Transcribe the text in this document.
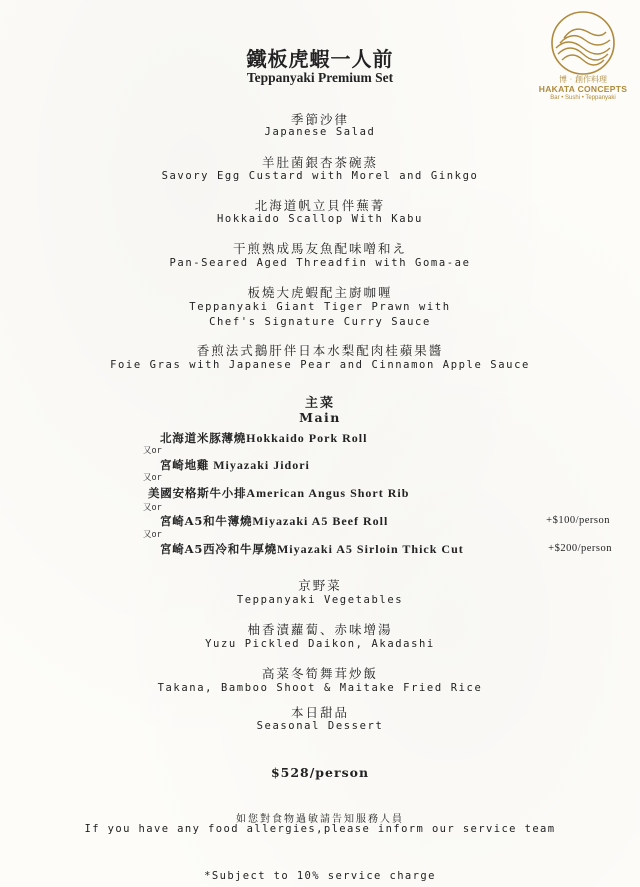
博‧創作料理
HAKATA CONCEPTS
Bar • Sushi • Teppanyaki
鐵板虎蝦一人前
Teppanyaki Premium Set
季節沙律
Japanese Salad
羊肚菌銀杏茶碗蒸
Savory Egg Custard with Morel and Ginkgo
北海道帆立貝伴蕪菁
Hokkaido Scallop With Kabu
干煎熟成馬友魚配味噌和え
Pan-Seared Aged Threadfin with Goma-ae
板燒大虎蝦配主廚咖喱
Teppanyaki Giant Tiger Prawn with
Chef's Signature Curry Sauce
香煎法式鵝肝伴日本水梨配肉桂蘋果醬
Foie Gras with Japanese Pear and Cinnamon Apple Sauce
主菜
Main
北海道米豚薄燒Hokkaido Pork Roll
又or
宮崎地雞 Miyazaki Jidori
又or
美國安格斯牛小排American Angus Short Rib
又or
宮崎A5和牛薄燒Miyazaki A5 Beef Roll	+$100/person
又or
宮崎A5西冷和牛厚燒Miyazaki A5 Sirloin Thick Cut	+$200/person
京野菜
Teppanyaki Vegetables
柚香漬蘿蔔、赤味增湯
Yuzu Pickled Daikon, Akadashi
高菜冬筍舞茸炒飯
Takana, Bamboo Shoot & Maitake Fried Rice
本日甜品
Seasonal Dessert
$528/person
如您對食物過敏請告知服務人員
If you have any food allergies,please inform our service team
*Subject to 10% service charge
